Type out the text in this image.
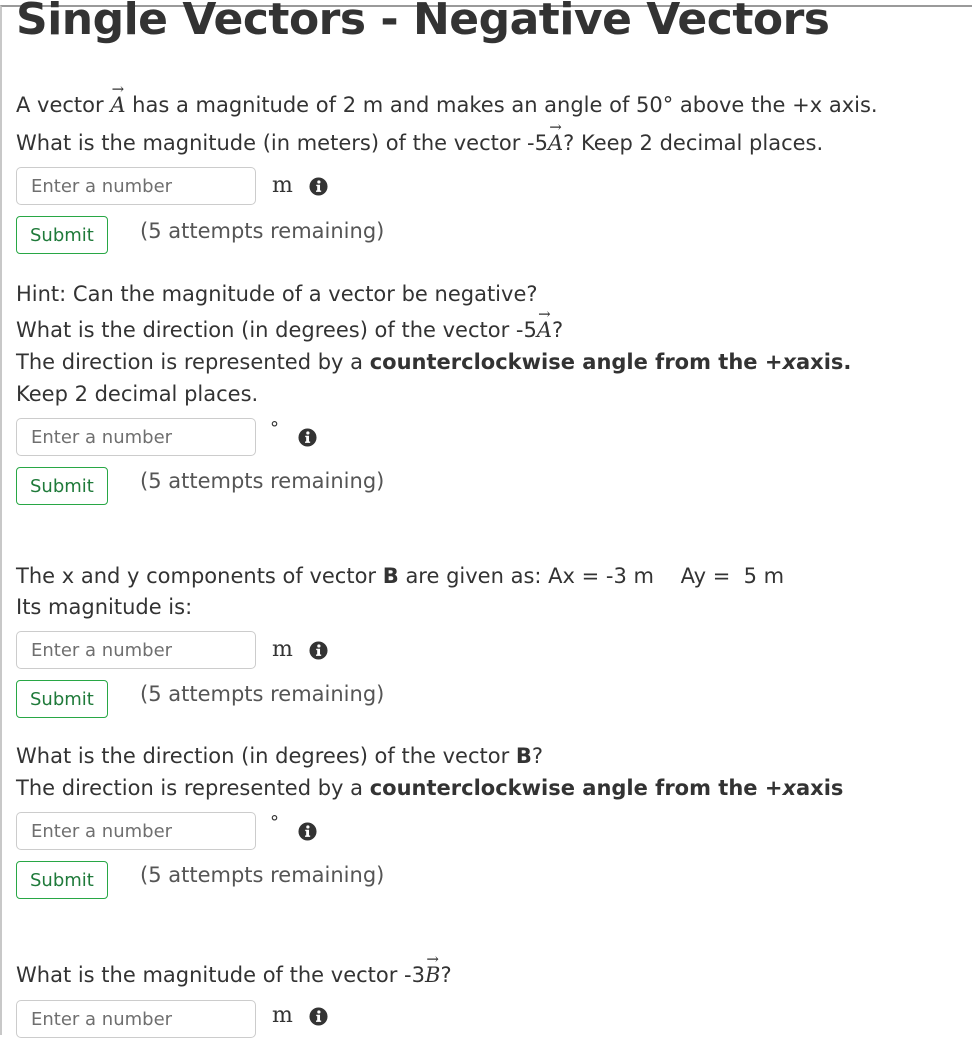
Single Vectors - Negative Vectors
A vector
→
A has a magnitude of 2 m and makes an angle of 50° above the +x axis.
What is the magnitude (in meters) of the vector -5
→
A? Keep 2 decimal places.
Enter a number
m
Submit	(5 attempts remaining)
Hint: Can the magnitude of a vector be negative?
What is the direction (in degrees) of the vector -5
→
A?
The direction is represented by a counterclockwise angle from the +xaxis.
Keep 2 decimal places.
Enter a number
°
Submit	(5 attempts remaining)
The x and y components of vector B are given as: Ax = -3 m    Ay =  5 m
Its magnitude is:
Enter a number
m
Submit	(5 attempts remaining)
What is the direction (in degrees) of the vector B?
The direction is represented by a counterclockwise angle from the +xaxis
Enter a number
°
Submit	(5 attempts remaining)
What is the magnitude of the vector -3
→
B?
Enter a number
m
